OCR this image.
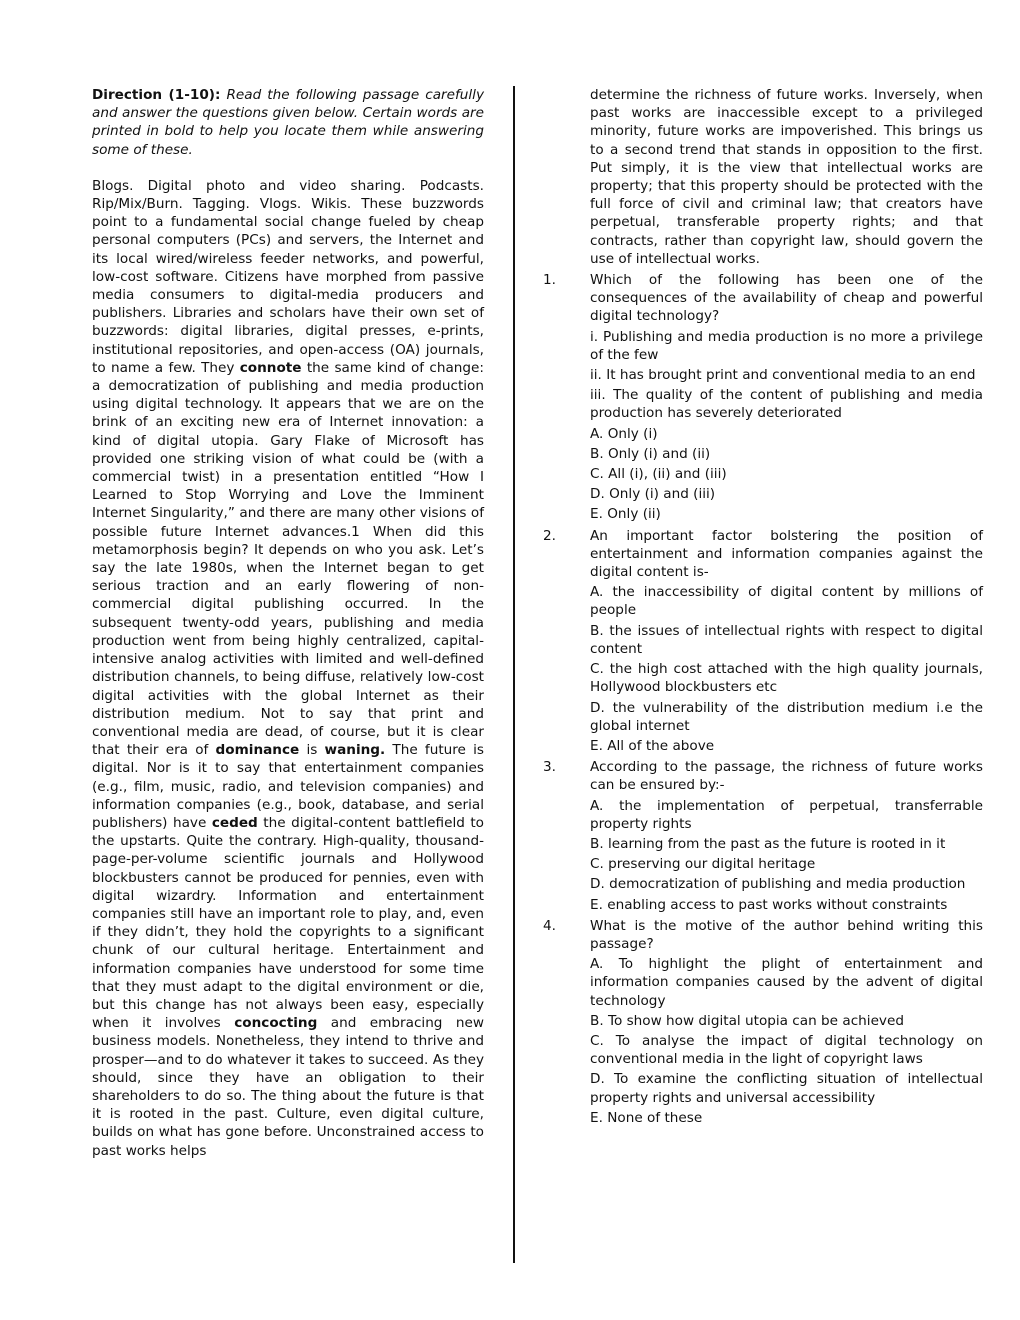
Direction (1-10): Read the following passage carefully and answer the questions given below. Certain words are printed in bold to help you locate them while answering some of these.

Blogs. Digital photo and video sharing. Podcasts. Rip/Mix/Burn. Tagging. Vlogs. Wikis. These buzzwords point to a fundamental social change fueled by cheap personal computers (PCs) and servers, the Internet and its local wired/wireless feeder networks, and powerful, low-cost software. Citizens have morphed from passive media consumers to digital-media producers and publishers. Libraries and scholars have their own set of buzzwords: digital libraries, digital presses, e-prints, institutional repositories, and open-access (OA) journals, to name a few. They connote the same kind of change: a democratization of publishing and media production using digital technology. It appears that we are on the brink of an exciting new era of Internet innovation: a kind of digital utopia. Gary Flake of Microsoft has provided one striking vision of what could be (with a commercial twist) in a presentation entitled “How I Learned to Stop Worrying and Love the Imminent Internet Singularity,” and there are many other visions of possible future Internet advances.1 When did this metamorphosis begin? It depends on who you ask. Let’s say the late 1980s, when the Internet began to get serious traction and an early flowering of non-commercial digital publishing occurred. In the subsequent twenty-odd years, publishing and media production went from being highly centralized, capital-intensive analog activities with limited and well-defined distribution channels, to being diffuse, relatively low-cost digital activities with the global Internet as their distribution medium. Not to say that print and conventional media are dead, of course, but it is clear that their era of dominance is waning. The future is digital. Nor is it to say that entertainment companies (e.g., film, music, radio, and television companies) and information companies (e.g., book, database, and serial publishers) have ceded the digital-content battlefield to the upstarts. Quite the contrary. High-quality, thousand-page-per-volume scientific journals and Hollywood blockbusters cannot be produced for pennies, even with digital wizardry. Information and entertainment companies still have an important role to play, and, even if they didn’t, they hold the copyrights to a significant chunk of our cultural heritage. Entertainment and information companies have understood for some time that they must adapt to the digital environment or die, but this change has not always been easy, especially when it involves concocting and embracing new business models. Nonetheless, they intend to thrive and prosper—and to do whatever it takes to succeed. As they should, since they have an obligation to their shareholders to do so. The thing about the future is that it is rooted in the past. Culture, even digital culture, builds on what has gone before. Unconstrained access to past works helps

determine the richness of future works. Inversely, when past works are inaccessible except to a privileged minority, future works are impoverished. This brings us to a second trend that stands in opposition to the first. Put simply, it is the view that intellectual works are property; that this property should be protected with the full force of civil and criminal law; that creators have perpetual, transferable property rights; and that contracts, rather than copyright law, should govern the use of intellectual works.

1.	Which of the following has been one of the consequences of the availability of cheap and powerful digital technology?
i. Publishing and media production is no more a privilege of the few
ii. It has brought print and conventional media to an end
iii. The quality of the content of publishing and media production has severely deteriorated
A. Only (i)
B. Only (i) and (ii)
C. All (i), (ii) and (iii)
D. Only (i) and (iii)
E. Only (ii)
2.	An important factor bolstering the position of entertainment and information companies against the digital content is-
A. the inaccessibility of digital content by millions of people
B. the issues of intellectual rights with respect to digital content
C. the high cost attached with the high quality journals, Hollywood blockbusters etc
D. the vulnerability of the distribution medium i.e the global internet
E. All of the above
3.	According to the passage, the richness of future works can be ensured by:-
A. the implementation of perpetual, transferrable property rights
B. learning from the past as the future is rooted in it
C. preserving our digital heritage
D. democratization of publishing and media production
E. enabling access to past works without constraints
4.	What is the motive of the author behind writing this passage?
A. To highlight the plight of entertainment and information companies caused by the advent of digital technology
B. To show how digital utopia can be achieved
C. To analyse the impact of digital technology on conventional media in the light of copyright laws
D. To examine the conflicting situation of intellectual property rights and universal accessibility
E. None of these
